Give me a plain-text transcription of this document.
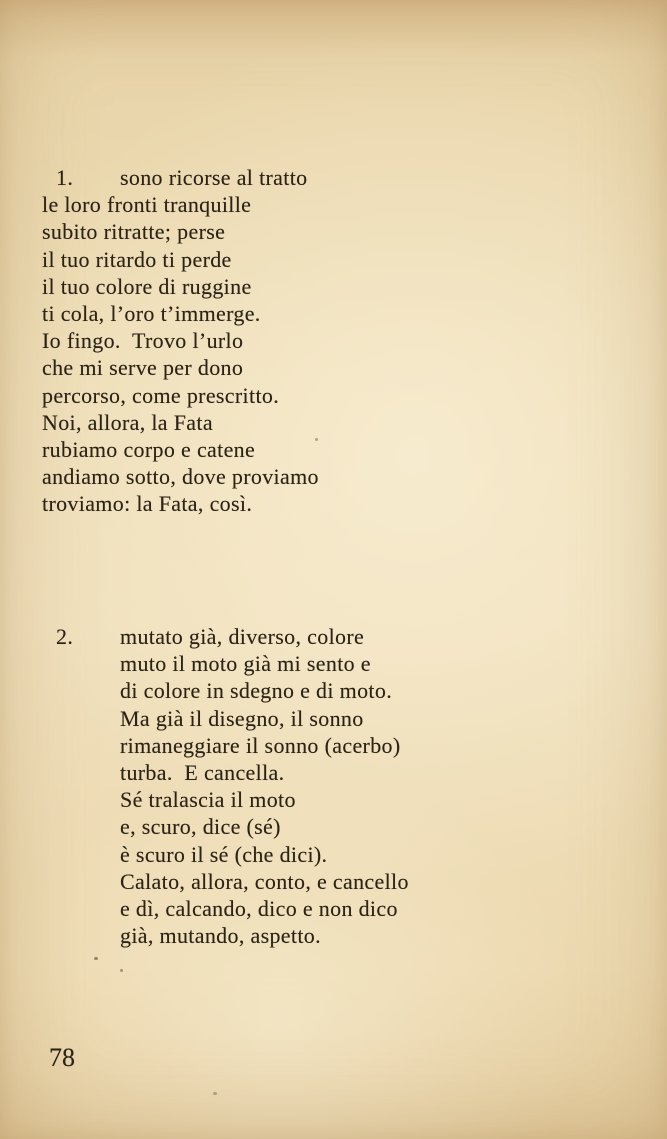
1.	sono ricorse al tratto
le loro fronti tranquille
subito ritratte; perse
il tuo ritardo ti perde
il tuo colore di ruggine
ti cola, l’oro t’immerge.
Io fingo.  Trovo l’urlo
che mi serve per dono
percorso, come prescritto.
Noi, allora, la Fata
rubiamo corpo e catene
andiamo sotto, dove proviamo
troviamo: la Fata, così.
2.	mutato già, diverso, colore
muto il moto già mi sento e
di colore in sdegno e di moto.
Ma già il disegno, il sonno
rimaneggiare il sonno (acerbo)
turba.  E cancella.
Sé tralascia il moto
e, scuro, dice (sé)
è scuro il sé (che dici).
Calato, allora, conto, e cancello
e dì, calcando, dico e non dico
già, mutando, aspetto.
78
